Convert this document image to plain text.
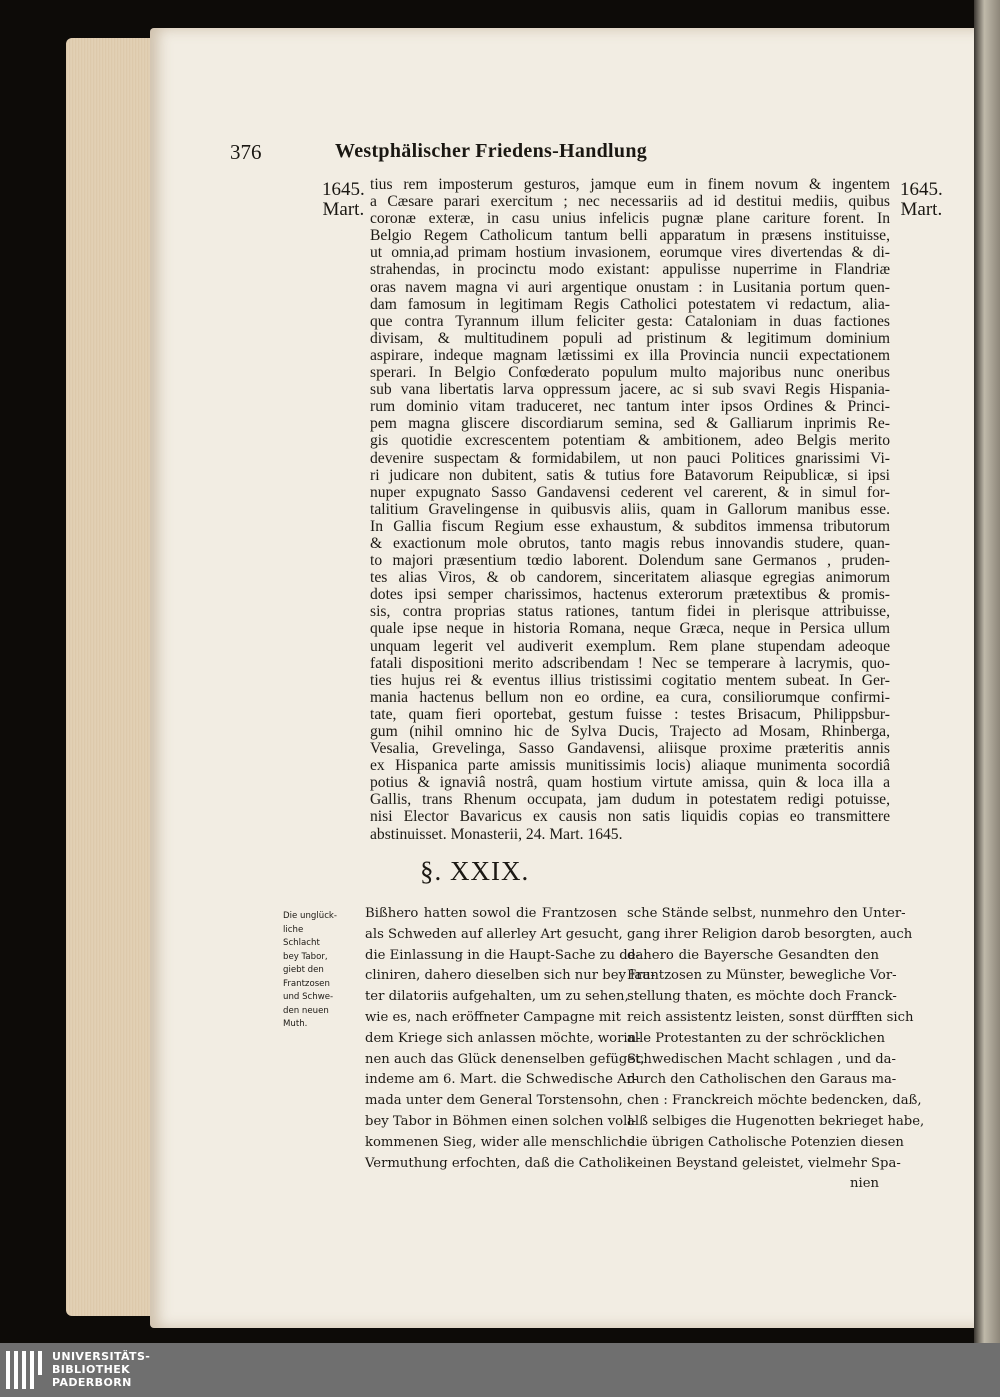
376	Westphälischer Friedens-Handlung
1645.
Mart.
1645.
Mart.
tius rem imposterum gesturos, jamque eum in finem novum & ingentem
a Cæsare parari exercitum ; nec necessariis ad id destitui mediis, quibus
coronæ exteræ, in casu unius infelicis pugnæ plane cariture forent. In
Belgio Regem Catholicum tantum belli apparatum in præsens instituisse,
ut omnia,ad primam hostium invasionem, eorumque vires divertendas & di-
strahendas, in procinctu modo existant: appulisse nuperrime in Flandriæ
oras navem magna vi auri argentique onustam : in Lusitania portum quen-
dam famosum in legitimam Regis Catholici potestatem vi redactum, alia-
que contra Tyrannum illum feliciter gesta: Cataloniam in duas factiones
divisam, & multitudinem populi ad pristinum & legitimum dominium
aspirare, indeque magnam lætissimi ex illa Provincia nuncii expectationem
sperari. In Belgio Confœderato populum multo majoribus nunc oneribus
sub vana libertatis larva oppressum jacere, ac si sub svavi Regis Hispania-
rum dominio vitam traduceret, nec tantum inter ipsos Ordines & Princi-
pem magna gliscere discordiarum semina, sed & Galliarum inprimis Re-
gis quotidie excrescentem potentiam & ambitionem, adeo Belgis merito
devenire suspectam & formidabilem, ut non pauci Politices gnarissimi Vi-
ri judicare non dubitent, satis & tutius fore Batavorum Reipublicæ, si ipsi
nuper expugnato Sasso Gandavensi cederent vel carerent, & in simul for-
talitium Gravelingense in quibusvis aliis, quam in Gallorum manibus esse.
In Gallia fiscum Regium esse exhaustum, & subditos immensa tributorum
& exactionum mole obrutos, tanto magis rebus innovandis studere, quan-
to majori præsentium tœdio laborent. Dolendum sane Germanos , pruden-
tes alias Viros, & ob candorem, sinceritatem aliasque egregias animorum
dotes ipsi semper charissimos, hactenus exterorum prætextibus & promis-
sis, contra proprias status rationes, tantum fidei in plerisque attribuisse,
quale ipse neque in historia Romana, neque Græca, neque in Persica ullum
unquam legerit vel audiverit exemplum. Rem plane stupendam adeoque
fatali dispositioni merito adscribendam ! Nec se temperare à lacrymis, quo-
ties hujus rei & eventus illius tristissimi cogitatio mentem subeat. In Ger-
mania hactenus bellum non eo ordine, ea cura, consiliorumque confirmi-
tate, quam fieri oportebat, gestum fuisse : testes Brisacum, Philippsbur-
gum (nihil omnino hic de Sylva Ducis, Trajecto ad Mosam, Rhinberga,
Vesalia, Grevelinga, Sasso Gandavensi, aliisque proxime præteritis annis
ex Hispanica parte amissis munitissimis locis) aliaque munimenta socordiâ
potius & ignaviâ nostrâ, quam hostium virtute amissa, quin & loca illa a
Gallis, trans Rhenum occupata, jam dudum in potestatem redigi potuisse,
nisi Elector Bavaricus ex causis non satis liquidis copias eo transmittere
abstinuisset. Monasterii, 24. Mart. 1645.
§. XXIX.
Die unglück-
liche Schlacht
bey Tabor,
giebt den
Frantzosen
und Schwe-
den neuen
Muth.
Bißhero hatten sowol die Frantzosen
als Schweden auf allerley Art gesucht,
die Einlassung in die Haupt-Sache zu de-
cliniren, dahero dieselben sich nur bey lau-
ter dilatoriis aufgehalten, um zu sehen,
wie es, nach eröffneter Campagne mit
dem Kriege sich anlassen möchte, worin-
nen auch das Glück denenselben gefüget,
indeme am 6. Mart. die Schwedische Ar-
mada unter dem General Torstensohn,
bey Tabor in Böhmen einen solchen voll-
kommenen Sieg, wider alle menschliche
Vermuthung erfochten, daß die Catholi-
sche Stände selbst, nunmehro den Unter-
gang ihrer Religion darob besorgten, auch
dahero die Bayersche Gesandten den
Frantzosen zu Münster, bewegliche Vor-
stellung thaten, es möchte doch Franck-
reich assistentz leisten, sonst dürfften sich
alle Protestanten zu der schröcklichen
Schwedischen Macht schlagen , und da-
durch den Catholischen den Garaus ma-
chen : Franckreich möchte bedencken, daß,
alß selbiges die Hugenotten bekrieget habe,
die übrigen Catholische Potenzien diesen
keinen Beystand geleistet, vielmehr Spa-
nien
UNIVERSITÄTS-
BIBLIOTHEK
PADERBORN
